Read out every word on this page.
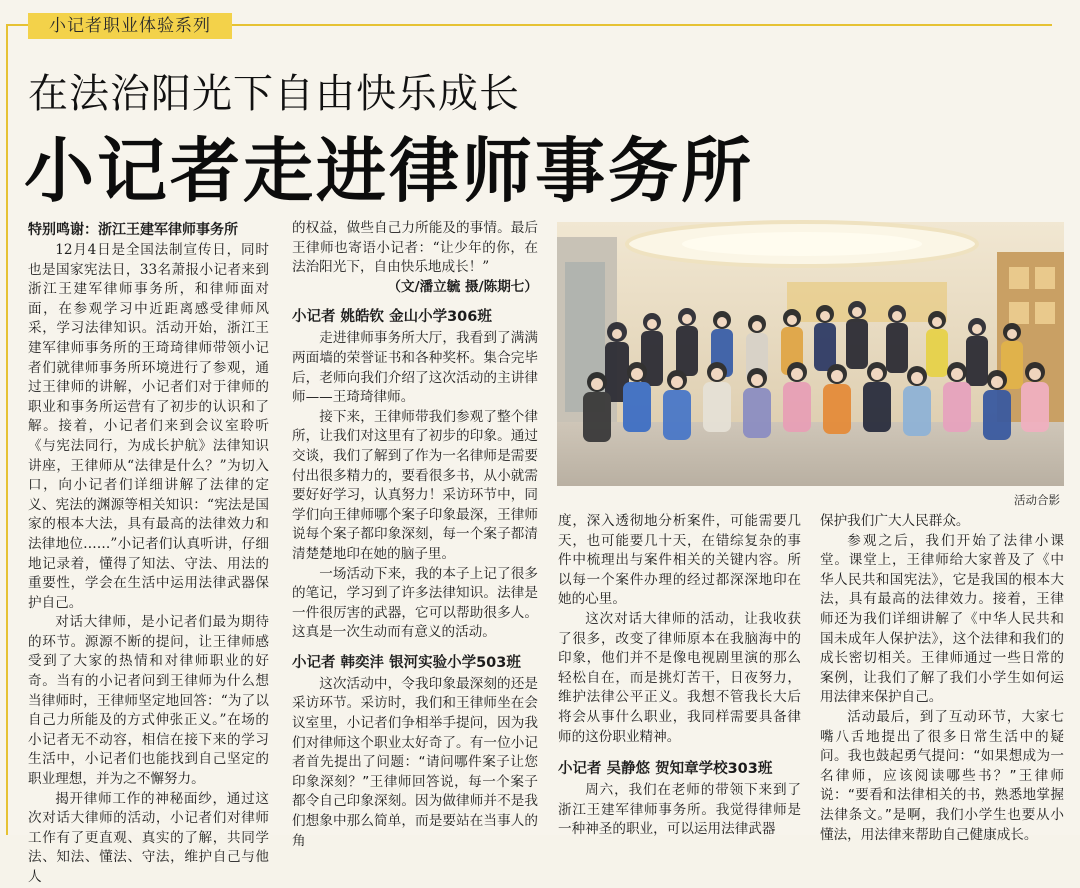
小记者职业体验系列
在法治阳光下自由快乐成长
小记者走进律师事务所

特别鸣谢：浙江王建军律师事务所

12月4日是全国法制宣传日，同时也是国家宪法日，33名萧报小记者来到浙江王建军律师事务所，和律师面对面，在参观学习中近距离感受律师风采，学习法律知识。活动开始，浙江王建军律师事务所的王琦琦律师带领小记者们就律师事务所环境进行了参观，通过王律师的讲解，小记者们对于律师的职业和事务所运营有了初步的认识和了解。接着，小记者们来到会议室聆听《与宪法同行，为成长护航》法律知识讲座，王律师从“法律是什么？”为切入口，向小记者们详细讲解了法律的定义、宪法的渊源等相关知识：“宪法是国家的根本大法，具有最高的法律效力和法律地位……”小记者们认真听讲，仔细地记录着，懂得了知法、守法、用法的重要性，学会在生活中运用法律武器保护自己。

对话大律师，是小记者们最为期待的环节。源源不断的提问，让王律师感受到了大家的热情和对律师职业的好奇。当有的小记者问到王律师为什么想当律师时，王律师坚定地回答：“为了以自己力所能及的方式伸张正义。”在场的小记者无不动容，相信在接下来的学习生活中，小记者们也能找到自己坚定的职业理想，并为之不懈努力。

揭开律师工作的神秘面纱，通过这次对话大律师的活动，小记者们对律师工作有了更直观、真实的了解，共同学法、知法、懂法、守法，维护自己与他人

的权益，做些自己力所能及的事情。最后王律师也寄语小记者：“让少年的你，在法治阳光下，自由快乐地成长！”

（文/潘立毓 摄/陈期七）

小记者 姚皓钦 金山小学306班

走进律师事务所大厅，我看到了满满两面墙的荣誉证书和各种奖杯。集合完毕后，老师向我们介绍了这次活动的主讲律师——王琦琦律师。

接下来，王律师带我们参观了整个律所，让我们对这里有了初步的印象。通过交谈，我们了解到了作为一名律师是需要付出很多精力的，要看很多书，从小就需要好好学习，认真努力！采访环节中，同学们向王律师哪个案子印象最深，王律师说每个案子都印象深刻，每一个案子都清清楚楚地印在她的脑子里。

一场活动下来，我的本子上记了很多的笔记，学习到了许多法律知识。法律是一件很厉害的武器，它可以帮助很多人。这真是一次生动而有意义的活动。

小记者 韩奕沣 银河实验小学503班

这次活动中，令我印象最深刻的还是采访环节。采访时，我们和王律师坐在会议室里，小记者们争相举手提问，因为我们对律师这个职业太好奇了。有一位小记者首先提出了问题：“请问哪件案子让您印象深刻？”王律师回答说，每一个案子都令自己印象深刻。因为做律师并不是我们想象中那么简单，而是要站在当事人的角

活动合影

度，深入透彻地分析案件，可能需要几天，也可能要几十天，在错综复杂的事件中梳理出与案件相关的关键内容。所以每一个案件办理的经过都深深地印在她的心里。

这次对话大律师的活动，让我收获了很多，改变了律师原本在我脑海中的印象，他们并不是像电视剧里演的那么轻松自在，而是挑灯苦干，日夜努力，维护法律公平正义。我想不管我长大后将会从事什么职业，我同样需要具备律师的这份职业精神。

小记者 吴静悠 贺知章学校303班

周六，我们在老师的带领下来到了浙江王建军律师事务所。我觉得律师是一种神圣的职业，可以运用法律武器

保护我们广大人民群众。

参观之后，我们开始了法律小课堂。课堂上，王律师给大家普及了《中华人民共和国宪法》，它是我国的根本大法，具有最高的法律效力。接着，王律师还为我们详细讲解了《中华人民共和国未成年人保护法》，这个法律和我们的成长密切相关。王律师通过一些日常的案例，让我们了解了我们小学生如何运用法律来保护自己。

活动最后，到了互动环节，大家七嘴八舌地提出了很多日常生活中的疑问。我也鼓起勇气提问：“如果想成为一名律师，应该阅读哪些书？”王律师说：“要看和法律相关的书，熟悉地掌握法律条文。”是啊，我们小学生也要从小懂法，用法律来帮助自己健康成长。
